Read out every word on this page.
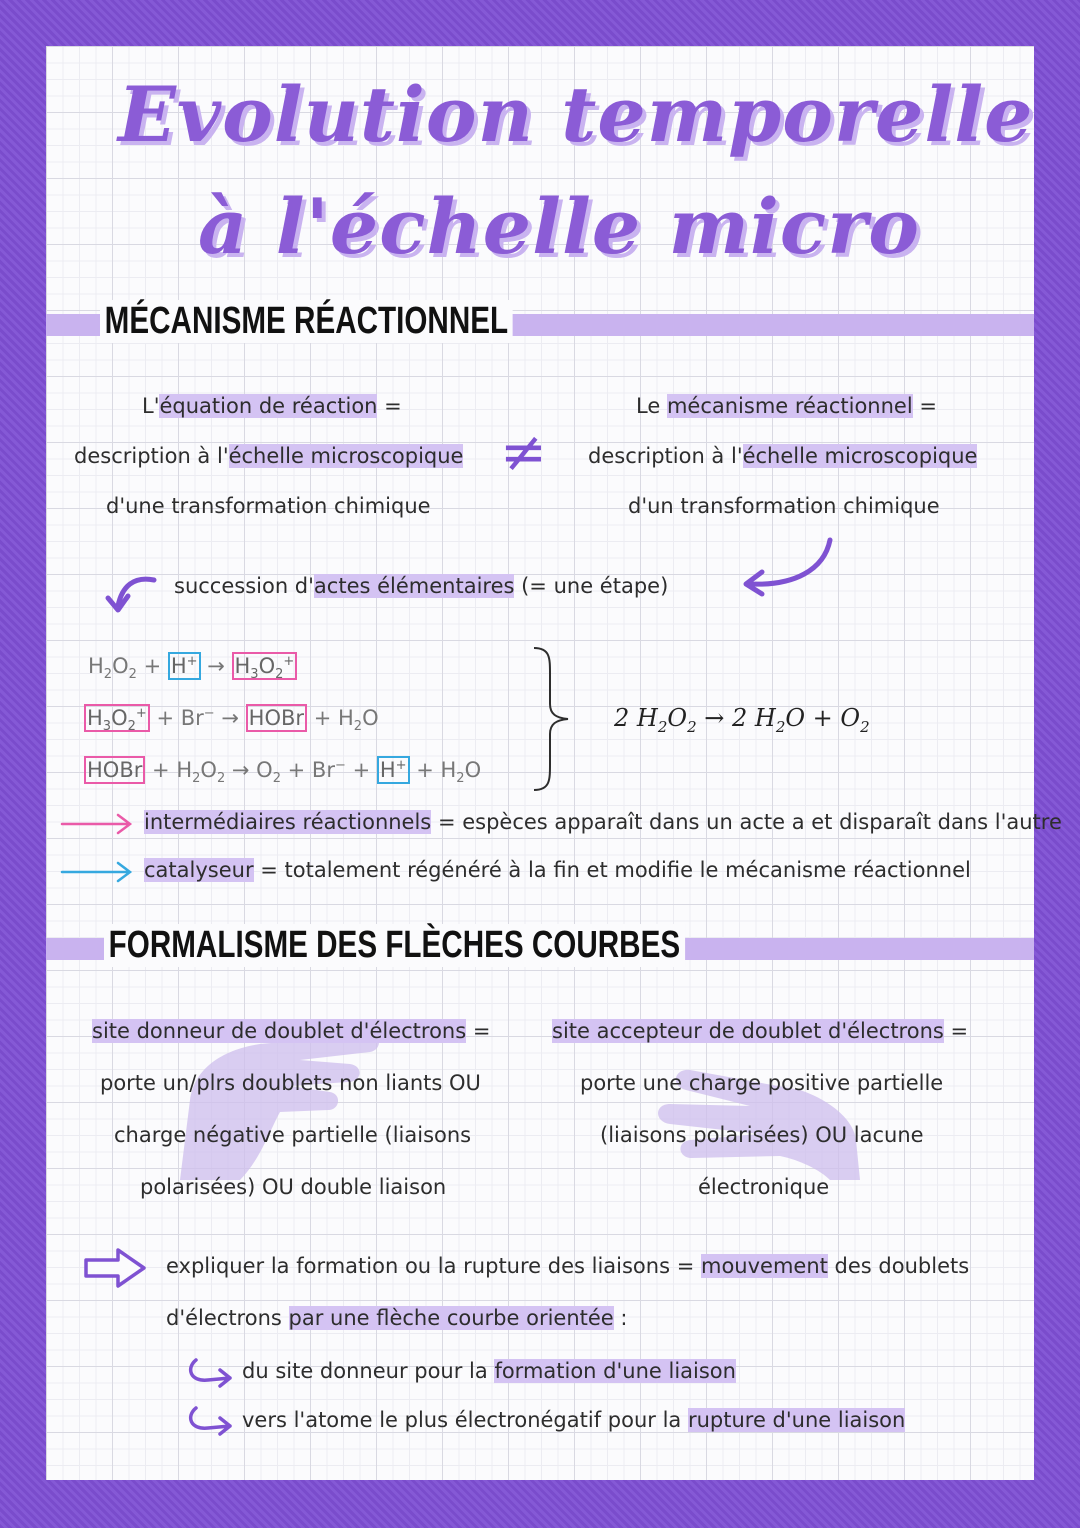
Evolution temporelle
à l'échelle micro
MÉCANISME RÉACTIONNEL
L'équation de réaction =
description à l'échelle microscopique
d'une transformation chimique
≠
Le mécanisme réactionnel =
description à l'échelle microscopique
d'un transformation chimique
succession d'actes élémentaires (= une étape)
$H_2O_2 + H^+ \to H_3O_2^+$
$H_3O_2^+ + Br^-$ → HOBr + $H_2O$
HOBr + $H_2O_2 \to O_2 + Br^- + H^+ + H_2O$
2 $H_2O_2 \to 2$ $H_2O + O_2$
intermédiaires réactionnels = espèces apparaît dans un acte a et disparaît dans l'autre
catalyseur = totalement régénéré à la fin et modifie le mécanisme réactionnel
FORMALISME DES FLÈCHES COURBES
site donneur de doublet d'électrons =
porte un/plrs doublets non liants OU
charge négative partielle (liaisons
polarisées) OU double liaison
site accepteur de doublet d'électrons =
porte une charge positive partielle
(liaisons polarisées) OU lacune
électronique
expliquer la formation ou la rupture des liaisons = mouvement des doublets
d'électrons par une flèche courbe orientée :
du site donneur pour la formation d'une liaison
vers l'atome le plus électronégatif pour la rupture d'une liaison
